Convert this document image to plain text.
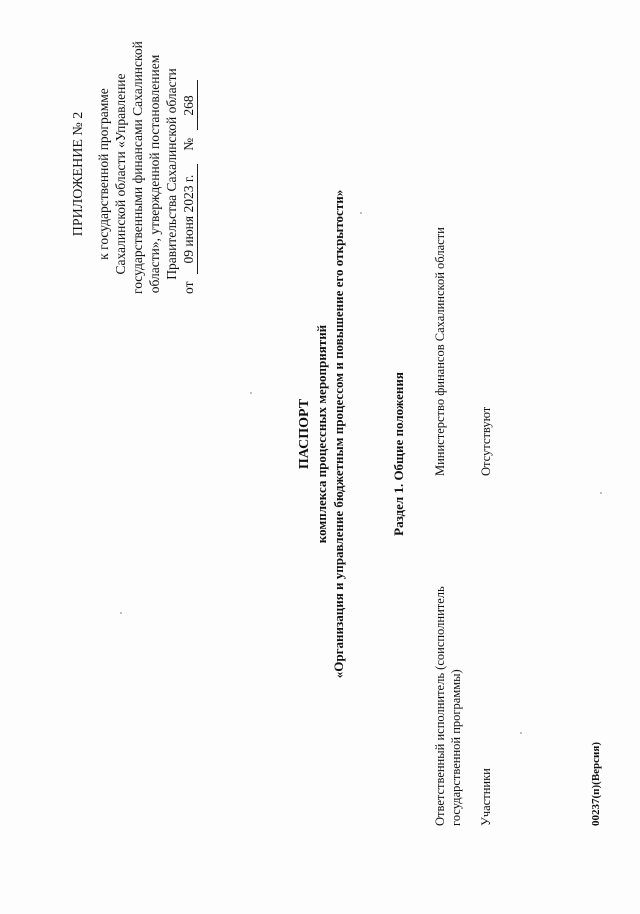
ПРИЛОЖЕНИЕ № 2 к государственной программе Сахалинской области «Управление государственными финансами Сахалинской области», утвержденной постановлением Правительства Сахалинской области
от 09 июня 2023 г. № 268
ПАСПОРТ комплекса процессных мероприятий «Организация и управление бюджетным процессом и повышение его открытости»	Раздел 1. Общие положения
Ответственный исполнитель (соисполнитель государственной программы)
Министерство финансов Сахалинской области
Участники
Отсутствуют
00237(п)(Версия)
